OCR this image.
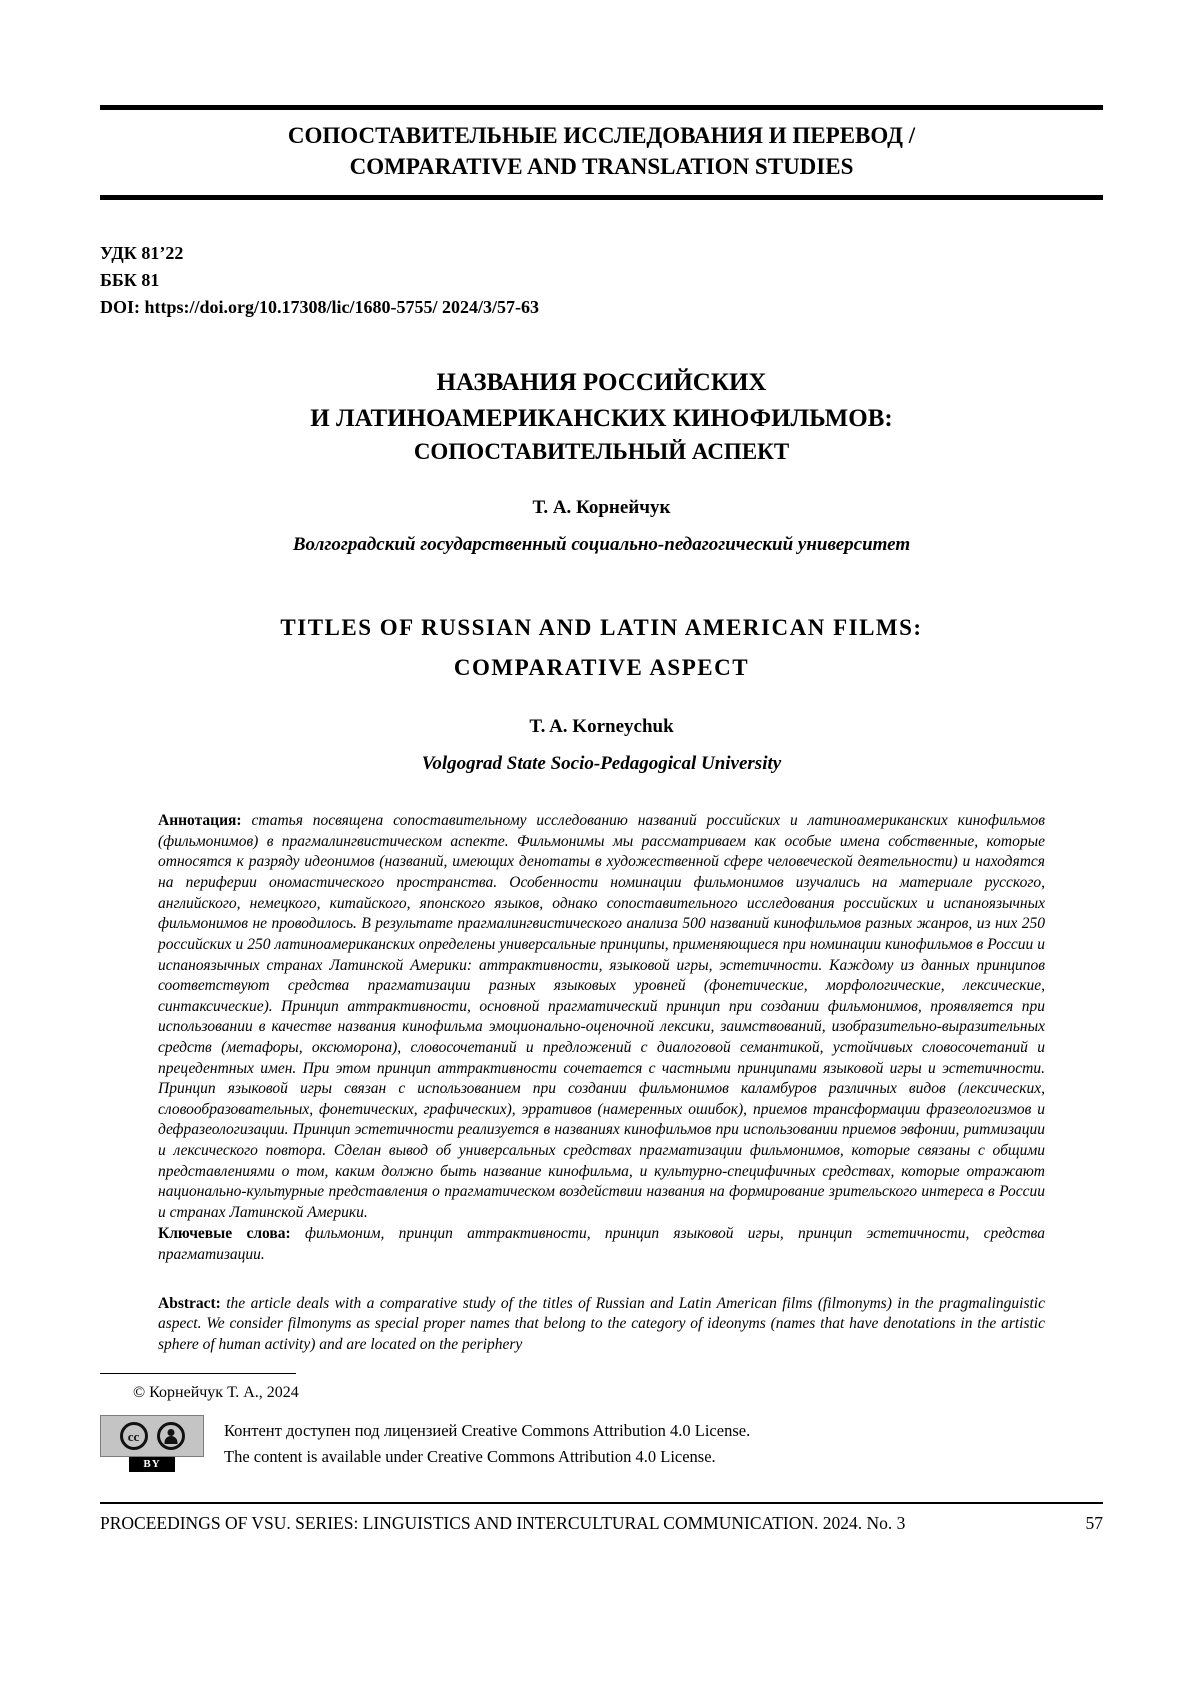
СОПОСТАВИТЕЛЬНЫЕ ИССЛЕДОВАНИЯ И ПЕРЕВОД /
COMPARATIVE AND TRANSLATION STUDIES
УДК 81’22
ББК 81
DOI: https://doi.org/10.17308/lic/1680-5755/ 2024/3/57-63
НАЗВАНИЯ РОССИЙСКИХ
И ЛАТИНОАМЕРИКАНСКИХ КИНОФИЛЬМОВ:
СОПОСТАВИТЕЛЬНЫЙ АСПЕКТ
Т. А. Корнейчук
Волгоградский государственный социально-педагогический университет
TITLES OF RUSSIAN AND LATIN AMERICAN FILMS:
COMPARATIVE ASPECT
T. A. Korneychuk
Volgograd State Socio-Pedagogical University

Аннотация: статья посвящена сопоставительному исследованию названий российских и латиноамериканских кинофильмов (фильмонимов) в прагмалингвистическом аспекте. Фильмонимы мы рассматриваем как особые имена собственные, которые относятся к разряду идеонимов (названий, имеющих денотаты в художественной сфере человеческой деятельности) и находятся на периферии ономастического пространства. Особенности номинации фильмонимов изучались на материале русского, английского, немецкого, китайского, японского языков, однако сопоставительного исследования российских и испаноязычных фильмонимов не проводилось. В результате прагмалингвистического анализа 500 названий кинофильмов разных жанров, из них 250 российских и 250 латиноамериканских определены универсальные принципы, применяющиеся при номинации кинофильмов в России и испаноязычных странах Латинской Америки: аттрактивности, языковой игры, эстетичности. Каждому из данных принципов соответствуют средства прагматизации разных языковых уровней (фонетические, морфологические, лексические, синтаксические). Принцип аттрактивности, основной прагматический принцип при создании фильмонимов, проявляется при использовании в качестве названия кинофильма эмоционально-оценочной лексики, заимствований, изобразительно-выразительных средств (метафоры, оксюморона), словосочетаний и предложений с диалоговой семантикой, устойчивых словосочетаний и прецедентных имен. При этом принцип аттрактивности сочетается с частными принципами языковой игры и эстетичности. Принцип языковой игры связан с использованием при создании фильмонимов каламбуров различных видов (лексических, словообразовательных, фонетических, графических), эрративов (намеренных ошибок), приемов трансформации фразеологизмов и дефразеологизации. Принцип эстетичности реализуется в названиях кинофильмов при использовании приемов эвфонии, ритмизации и лексического повтора. Сделан вывод об универсальных средствах прагматизации фильмонимов, которые связаны с общими представлениями о том, каким должно быть название кинофильма, и культурно-специфичных средствах, которые отражают национально-культурные представления о прагматическом воздействии названия на формирование зрительского интереса в России и странах Латинской Америки.

Ключевые слова: фильмоним, принцип аттрактивности, принцип языковой игры, принцип эстетичности, средства прагматизации.

Abstract: the article deals with a comparative study of the titles of Russian and Latin American films (filmonyms) in the pragmalinguistic aspect. We consider filmonyms as special proper names that belong to the category of ideonyms (names that have denotations in the artistic sphere of human activity) and are located on the periphery

© Корнейчук Т. А., 2024
cc
BY
Контент доступен под лицензией Creative Commons Attribution 4.0 License.
The content is available under Creative Commons Attribution 4.0 License.
PROCEEDINGS OF VSU. SERIES: LINGUISTICS AND INTERCULTURAL COMMUNICATION. 2024. No. 3	57
